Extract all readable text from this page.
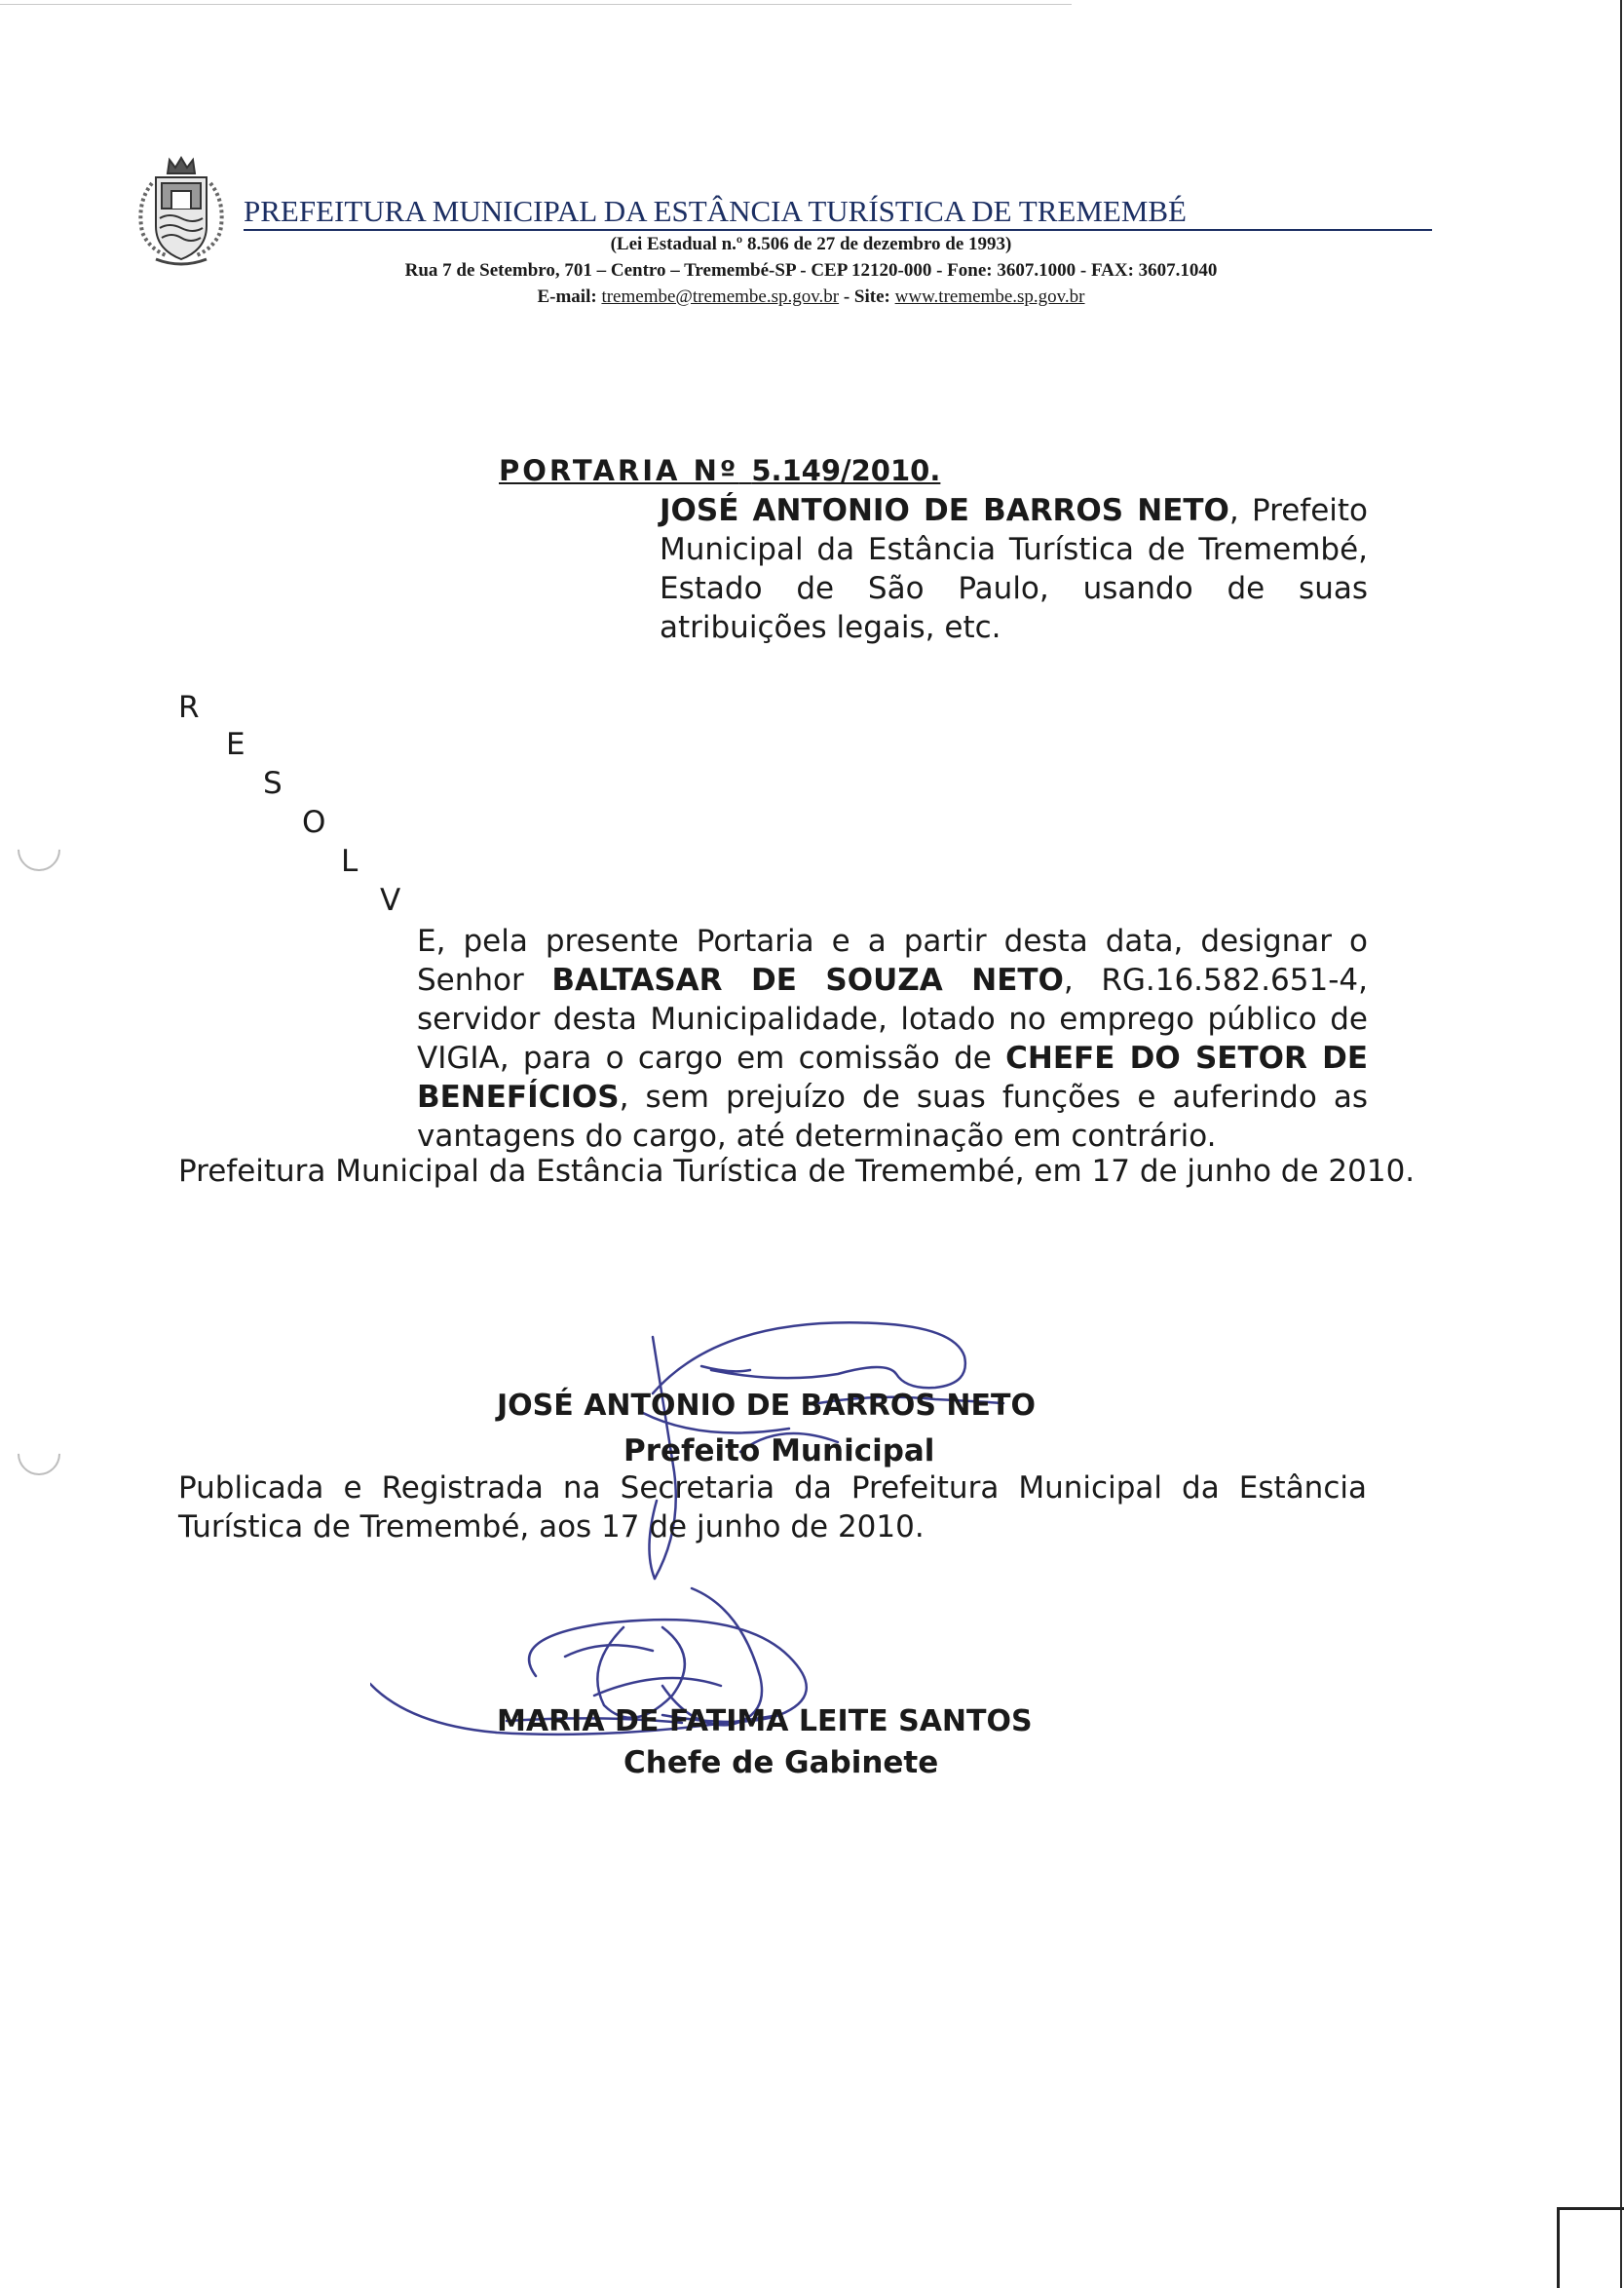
PREFEITURA MUNICIPAL DA ESTÂNCIA TURÍSTICA DE TREMEMBÉ
(Lei Estadual n.º 8.506 de 27 de dezembro de 1993)
Rua 7 de Setembro, 701 – Centro – Tremembé-SP - CEP 12120-000 - Fone: 3607.1000 - FAX: 3607.1040
E-mail: tremembe@tremembe.sp.gov.br - Site: www.tremembe.sp.gov.br
PORTARIA Nº 5.149/2010.
JOSÉ ANTONIO DE BARROS NETO, Prefeito Municipal da Estância Turística de Tremembé, Estado de São Paulo, usando de suas atribuições legais, etc.
R
E
S
O
L
V
E, pela presente Portaria e a partir desta data, designar o Senhor BALTASAR DE SOUZA NETO, RG.16.582.651-4, servidor desta Municipalidade, lotado no emprego público de VIGIA, para o cargo em comissão de CHEFE DO SETOR DE BENEFÍCIOS, sem prejuízo de suas funções e auferindo as vantagens do cargo, até determinação em contrário.
Prefeitura Municipal da Estância Turística de Tremembé, em 17 de junho de 2010.
JOSÉ ANTONIO DE BARROS NETO
Prefeito Municipal
Publicada e Registrada na Secretaria da Prefeitura Municipal da Estância Turística de Tremembé, aos 17 de junho de 2010.
MARIA DE FATIMA LEITE SANTOS
Chefe de Gabinete
